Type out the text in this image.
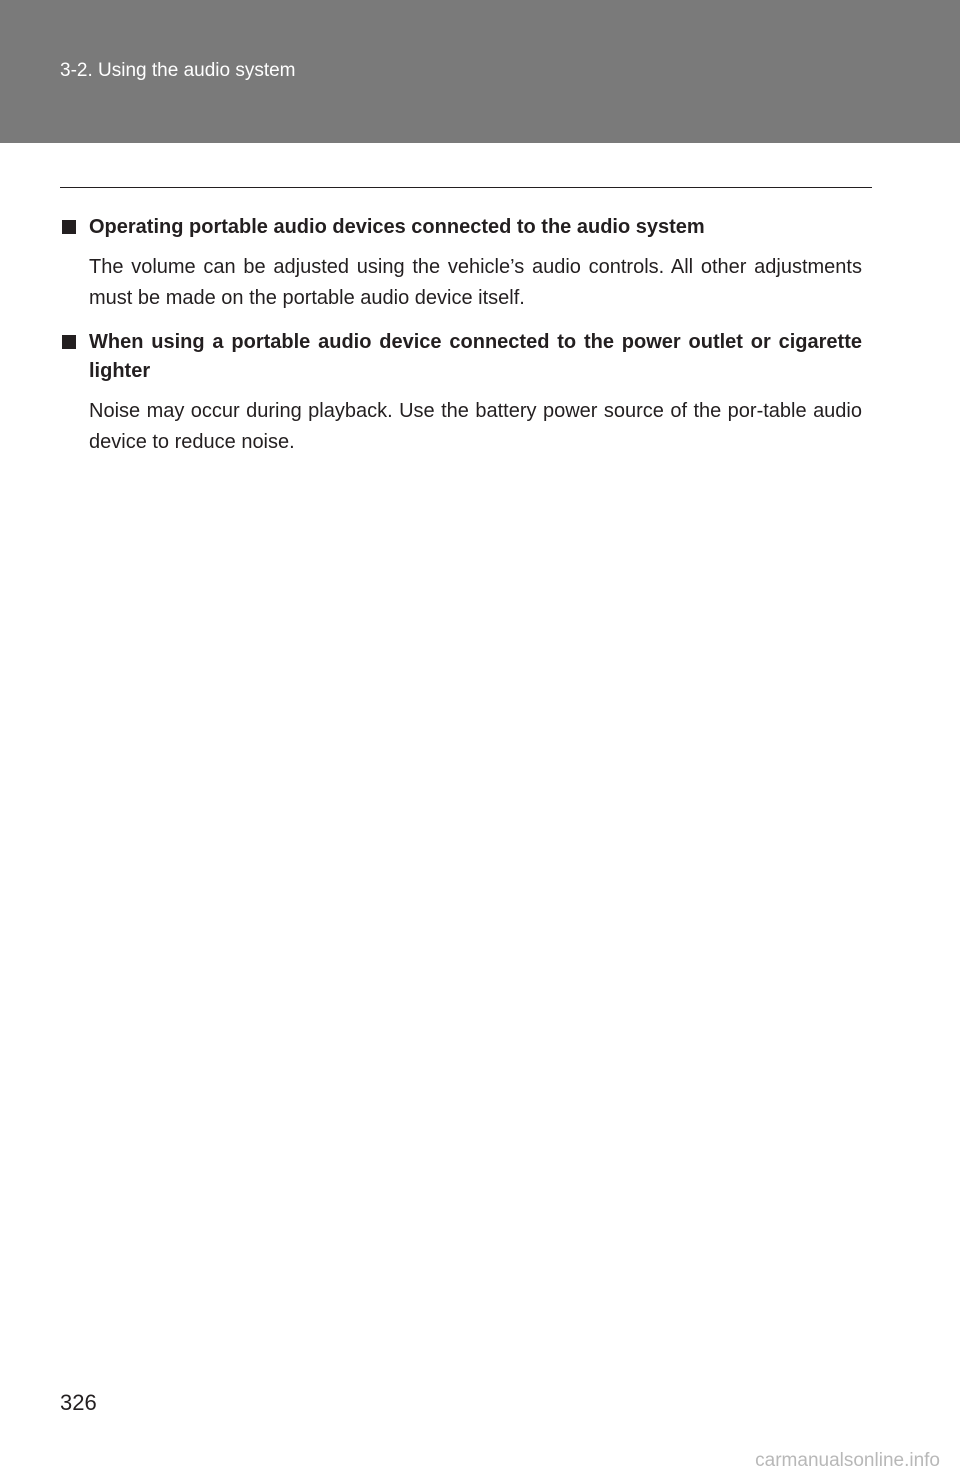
3-2. Using the audio system
Operating portable audio devices connected to the audio system
The volume can be adjusted using the vehicle’s audio controls. All other adjustments must be made on the portable audio device itself.
When using a portable audio device connected to the power outlet or cigarette lighter
Noise may occur during playback. Use the battery power source of the por-table audio device to reduce noise.
326
carmanualsonline.info
